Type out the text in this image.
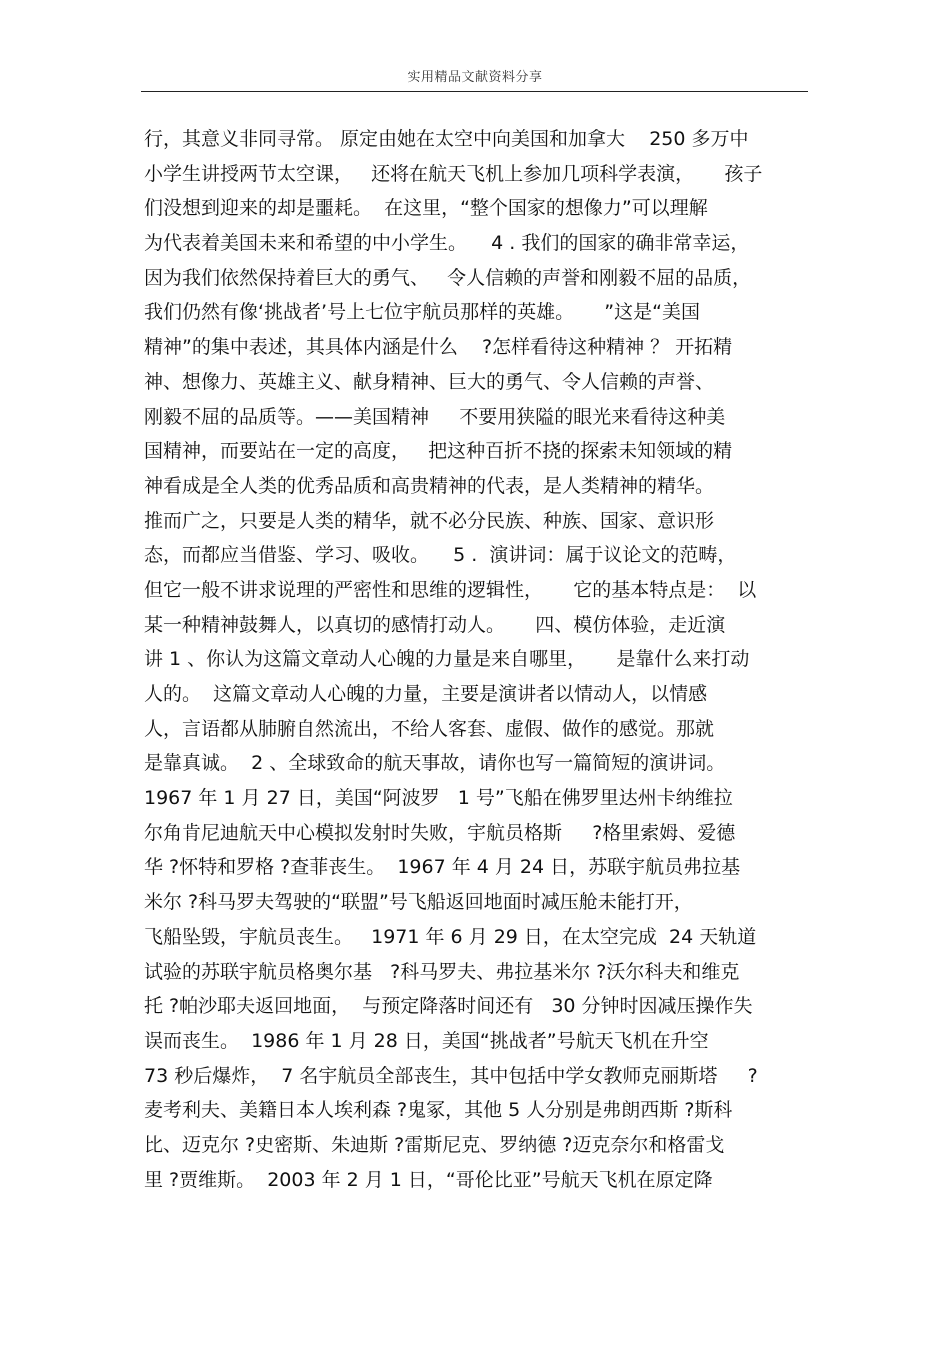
实用精品文献资料分享
行，其意义非同寻常。 原定由她在太空中向美国和加拿大    250 多万中
小学生讲授两节太空课，   还将在航天飞机上参加几项科学表演，     孩子
们没想到迎来的却是噩耗。  在这里，“整个国家的想像力”可以理解
为代表着美国未来和希望的中小学生。    4 . 我们的国家的确非常幸运，
因为我们依然保持着巨大的勇气、   令人信赖的声誉和刚毅不屈的品质，
我们仍然有像‘挑战者’号上七位宇航员那样的英雄。     ”这是“美国
精神”的集中表述，其具体内涵是什么    ?怎样看待这种精神 ？ 开拓精
神、想像力、英雄主义、献身精神、巨大的勇气、令人信赖的声誉、
刚毅不屈的品质等。——美国精神     不要用狭隘的眼光来看待这种美
国精神，而要站在一定的高度，   把这种百折不挠的探索未知领域的精
神看成是全人类的优秀品质和高贵精神的代表，是人类精神的精华。
推而广之，只要是人类的精华，就不必分民族、种族、国家、意识形
态，而都应当借鉴、学习、吸收。    5 .  演讲词：属于议论文的范畴，
但它一般不讲求说理的严密性和思维的逻辑性，     它的基本特点是：  以
某一种精神鼓舞人，以真切的感情打动人。     四、模仿体验，走近演
讲 1 、你认为这篇文章动人心魄的力量是来自哪里，     是靠什么来打动
人的。  这篇文章动人心魄的力量，主要是演讲者以情动人，以情感
人，言语都从肺腑自然流出，不给人客套、虚假、做作的感觉。那就
是靠真诚。  2 、全球致命的航天事故，请你也写一篇简短的演讲词。
1967 年 1 月 27 日，美国“阿波罗   1 号”飞船在佛罗里达州卡纳维拉
尔角肯尼迪航天中心模拟发射时失败，宇航员格斯     ?格里索姆、爱德
华 ?怀特和罗格 ?查菲丧生。  1967 年 4 月 24 日，苏联宇航员弗拉基
米尔 ?科马罗夫驾驶的“联盟”号飞船返回地面时减压舱未能打开，
飞船坠毁，宇航员丧生。   1971 年 6 月 29 日，在太空完成  24 天轨道
试验的苏联宇航员格奥尔基   ?科马罗夫、弗拉基米尔 ?沃尔科夫和维克
托 ?帕沙耶夫返回地面，  与预定降落时间还有   30 分钟时因减压操作失
误而丧生。  1986 年 1 月 28 日，美国“挑战者”号航天飞机在升空
73 秒后爆炸，  7 名宇航员全部丧生，其中包括中学女教师克丽斯塔     ?
麦考利夫、美籍日本人埃利森 ?鬼冢，其他 5 人分别是弗朗西斯 ?斯科
比、迈克尔 ?史密斯、朱迪斯 ?雷斯尼克、罗纳德 ?迈克奈尔和格雷戈
里 ?贾维斯。  2003 年 2 月 1 日，“哥伦比亚”号航天飞机在原定降
